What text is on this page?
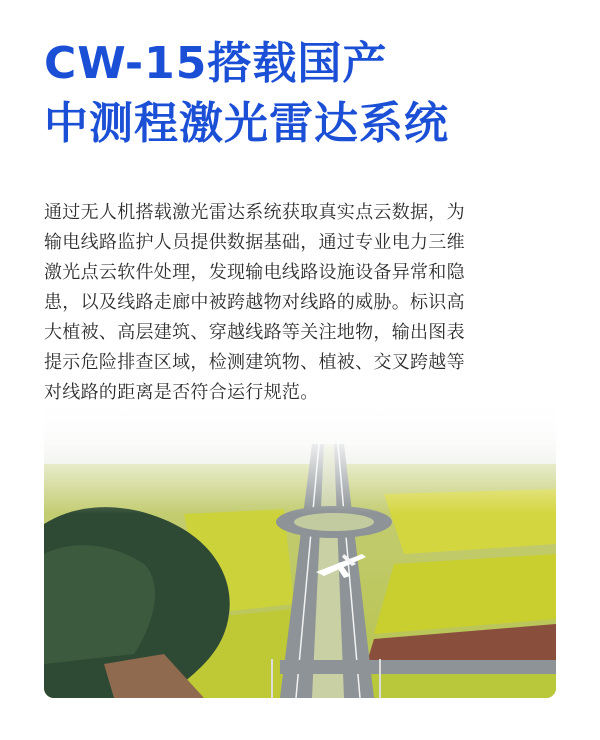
CW-15搭载国产
中测程激光雷达系统

通过无人机搭载激光雷达系统获取真实点云数据，为
输电线路监护人员提供数据基础，通过专业电力三维
激光点云软件处理，发现输电线路设施设备异常和隐
患，以及线路走廊中被跨越物对线路的威胁。标识高
大植被、高层建筑、穿越线路等关注地物，输出图表
提示危险排查区域，检测建筑物、植被、交叉跨越等
对线路的距离是否符合运行规范。
